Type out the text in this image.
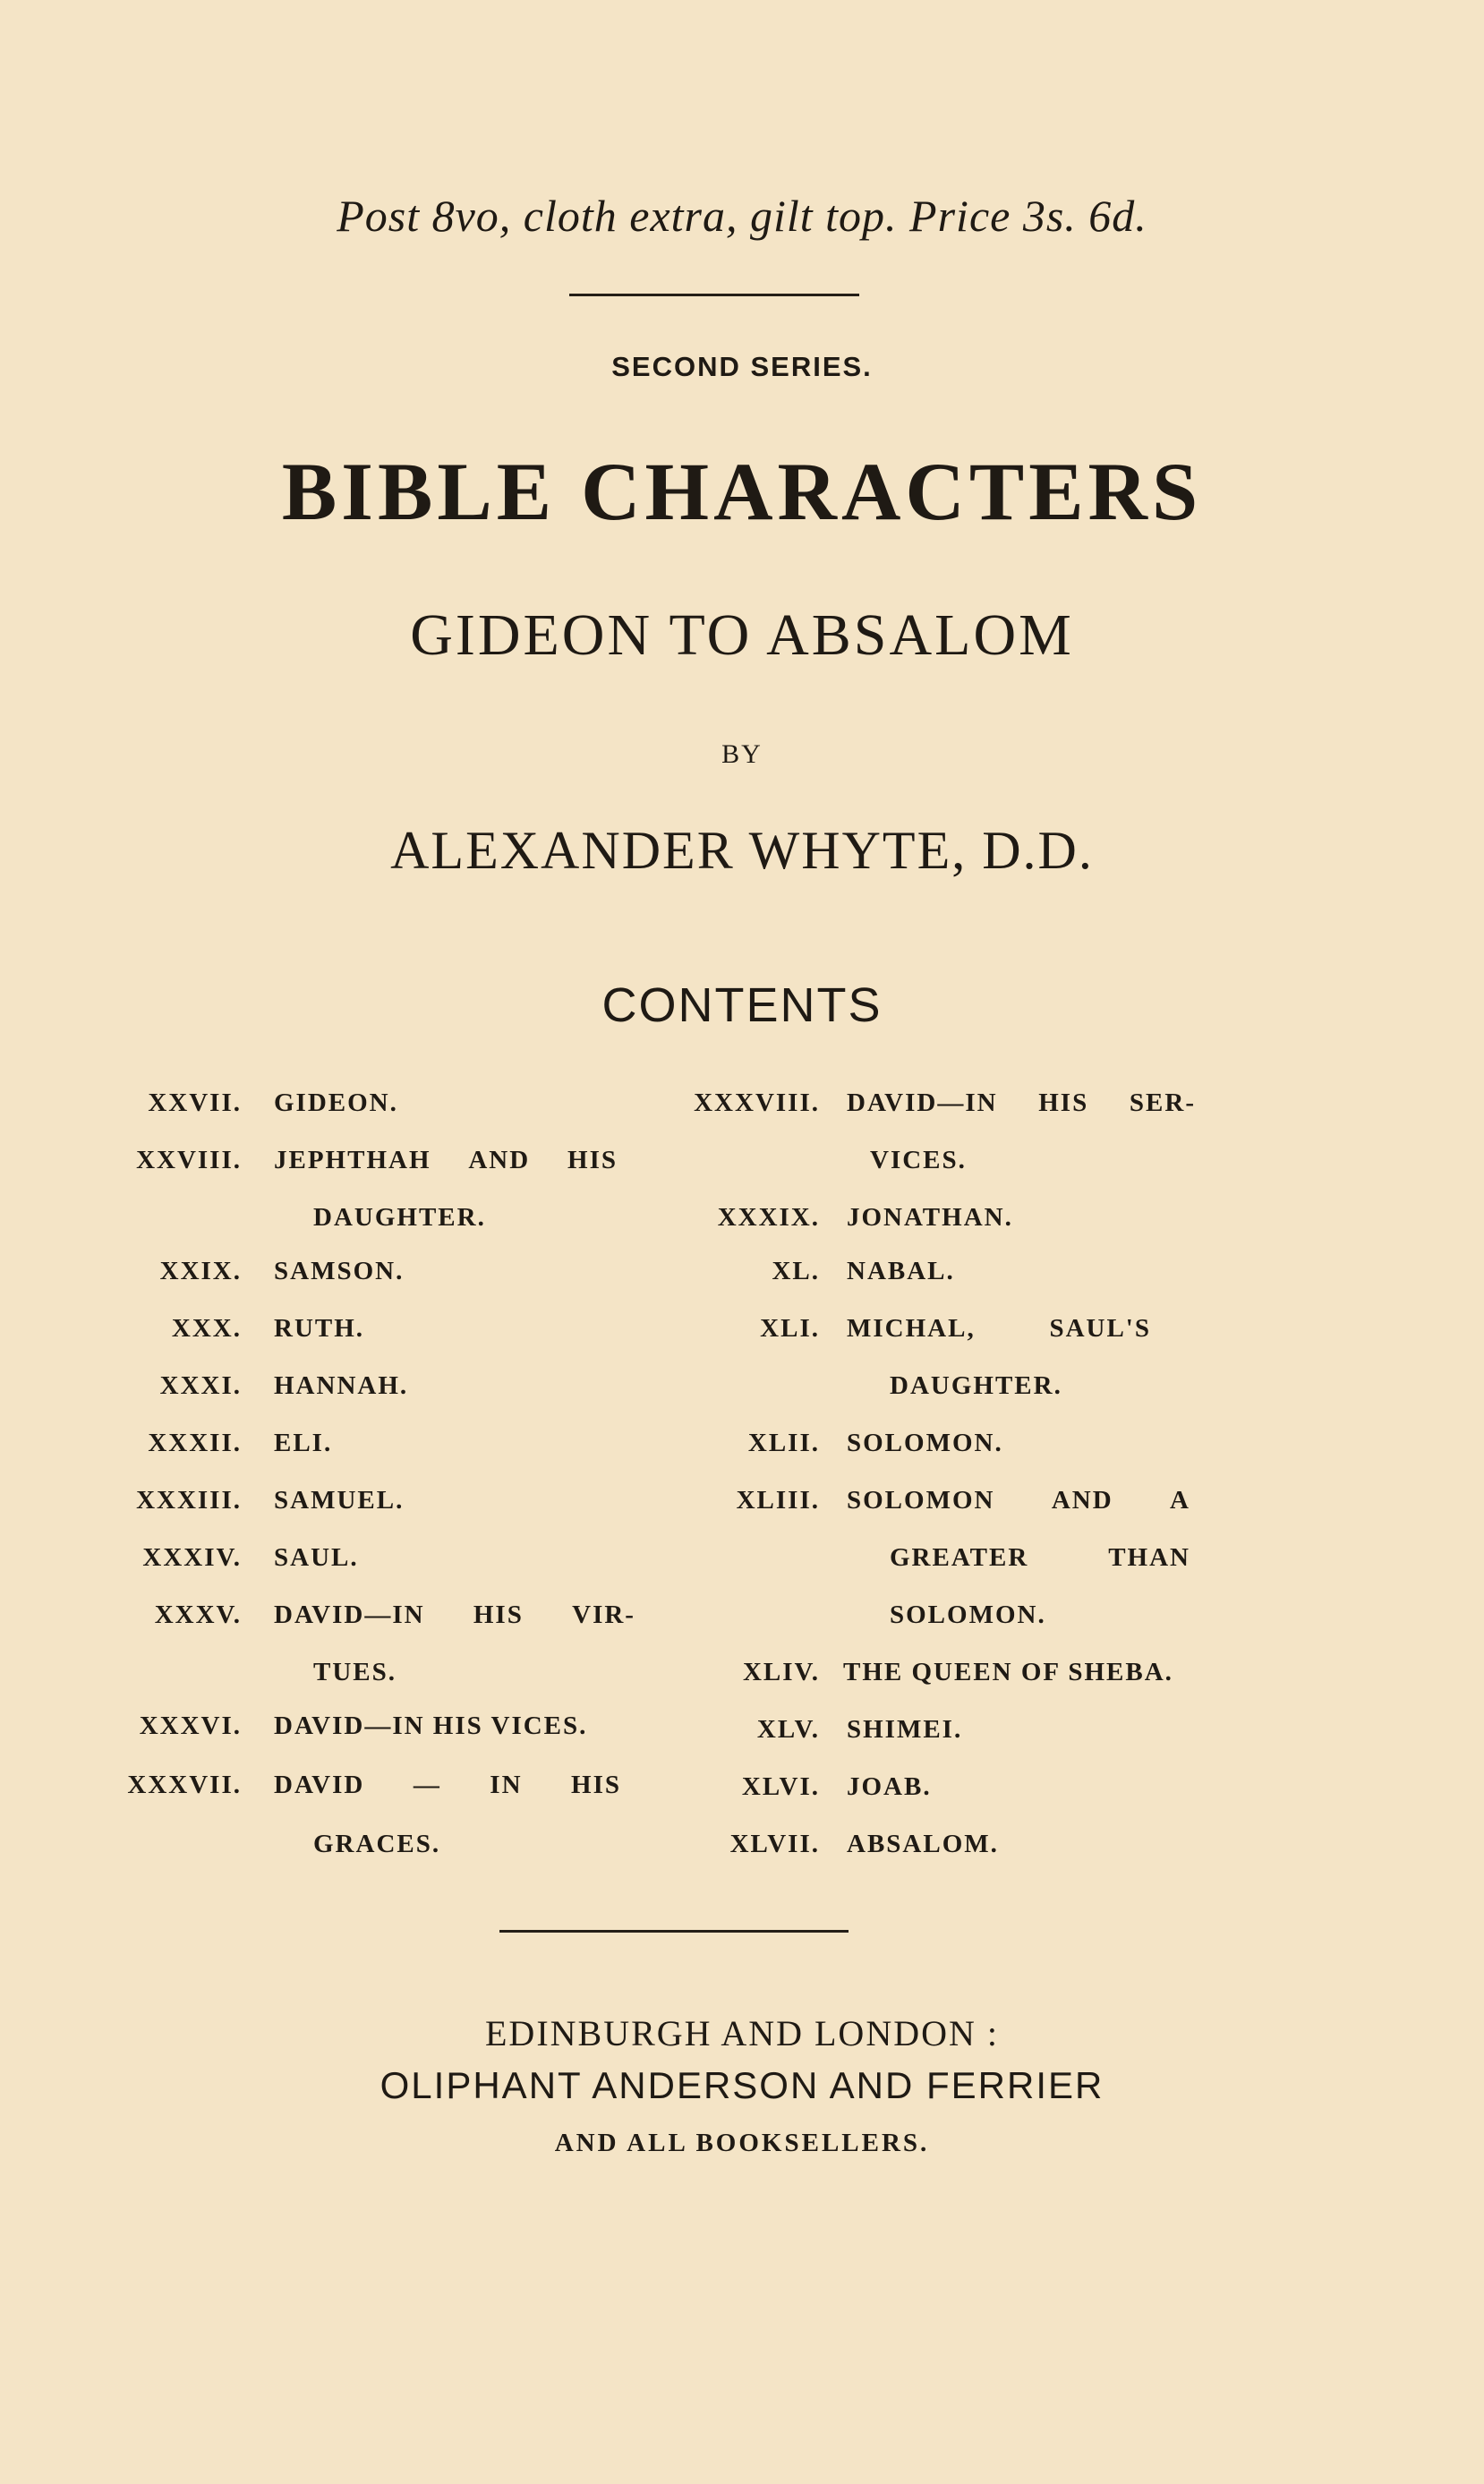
Post 8vo, cloth extra, gilt top. Price 3s. 6d.
SECOND SERIES.
BIBLE CHARACTERS
GIDEON TO ABSALOM
BY
ALEXANDER WHYTE, D.D.
CONTENTS
XXVII. GIDEON.
XXVIII. JEPHTHAH AND HIS
DAUGHTER.
XXIX. SAMSON.
XXX. RUTH.
XXXI. HANNAH.
XXXII. ELI.
XXXIII. SAMUEL.
XXXIV. SAUL.
XXXV. DAVID—IN HIS VIR-
TUES.
XXXVI. DAVID—IN HIS VICES.
XXXVII. DAVID — IN HIS
GRACES.
XXXVIII. DAVID—IN HIS SER-
VICES.
XXXIX. JONATHAN.
XL. NABAL.
XLI. MICHAL,	SAUL'S
DAUGHTER.
XLII. SOLOMON.
XLIII. SOLOMON AND A
GREATER	THAN
SOLOMON.
XLIV. THE QUEEN OF SHEBA.
XLV. SHIMEI.
XLVI. JOAB.
XLVII. ABSALOM.
EDINBURGH AND LONDON :
OLIPHANT ANDERSON AND FERRIER
AND ALL BOOKSELLERS.
